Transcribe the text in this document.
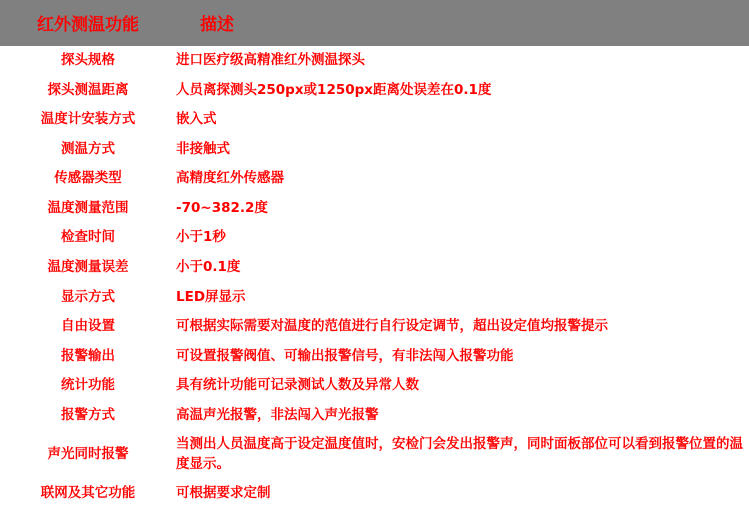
红外测温功能	描述
探头规格	进口医疗级高精准红外测温探头
探头测温距离	人员离探测头250px或1250px距离处误差在0.1度
温度计安装方式	嵌入式
测温方式	非接触式
传感器类型	高精度红外传感器
温度测量范围	-70~382.2度
检查时间	小于1秒
温度测量误差	小于0.1度
显示方式	LED屏显示
自由设置	可根据实际需要对温度的范值进行自行设定调节，超出设定值均报警提示
报警输出	可设置报警阀值、可输出报警信号，有非法闯入报警功能
统计功能	具有统计功能可记录测试人数及异常人数
报警方式	高温声光报警，非法闯入声光报警
声光同时报警	当测出人员温度高于设定温度值时，安检门会发出报警声，同时面板部位可以看到报警位置的温度显示。
联网及其它功能	可根据要求定制
